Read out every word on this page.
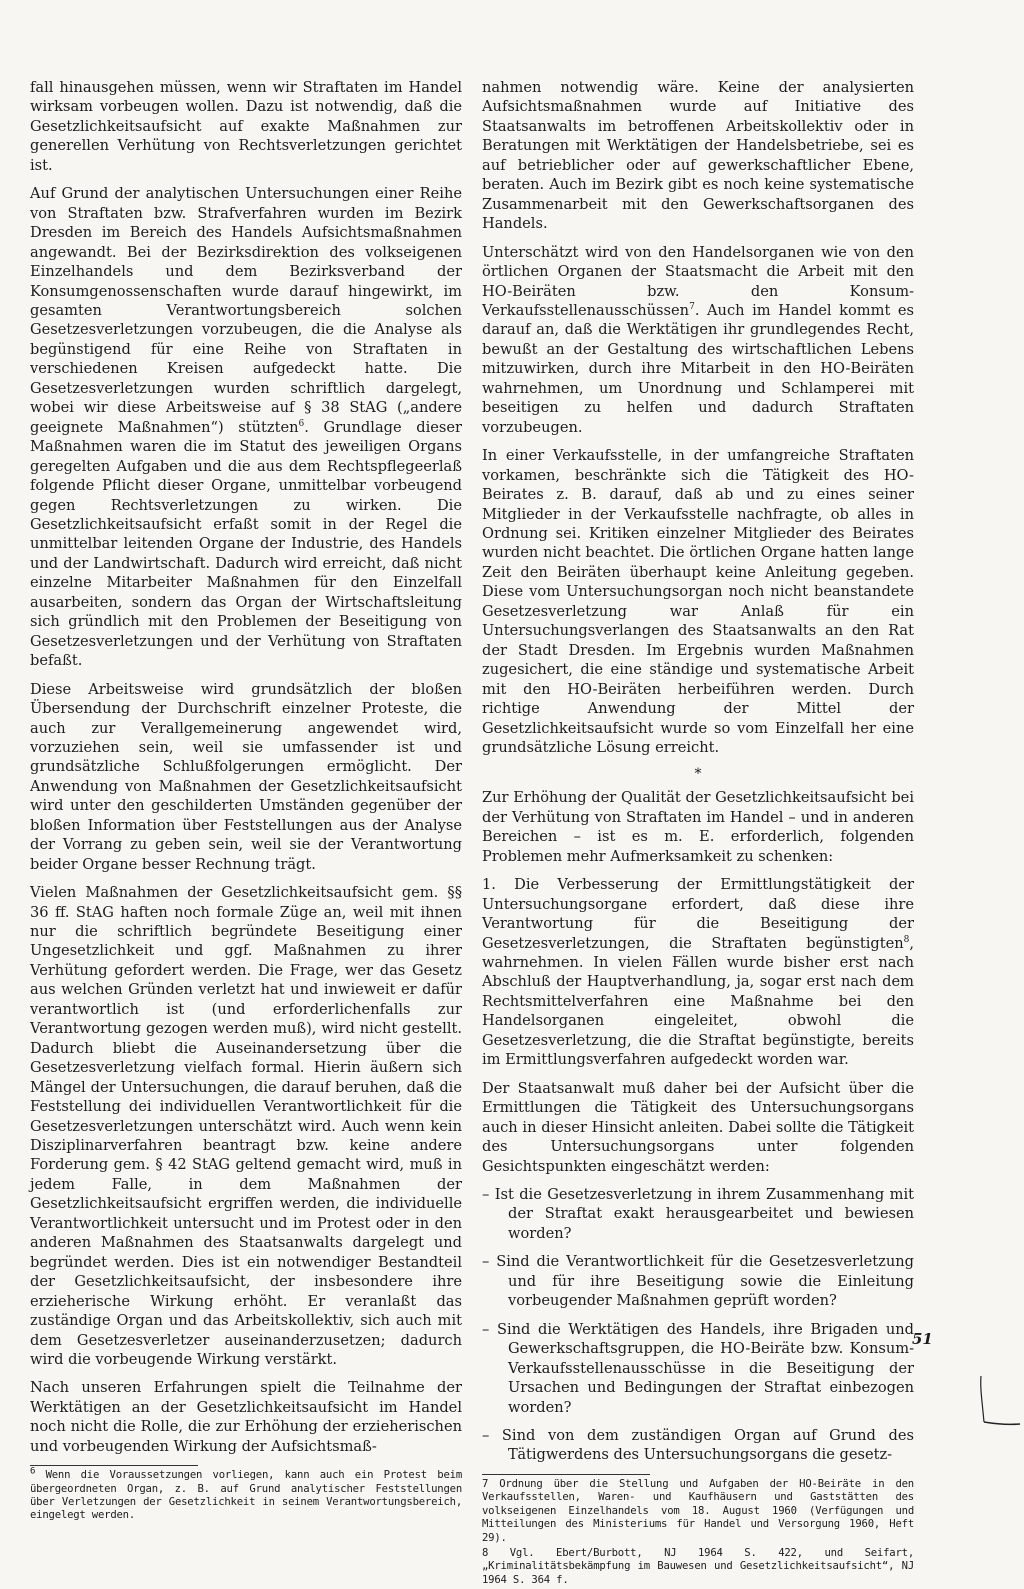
fall hinausgehen müssen, wenn wir Straftaten im Handel wirksam vorbeugen wollen. Dazu ist notwendig, daß die Gesetzlichkeitsaufsicht auf exakte Maßnahmen zur generellen Verhütung von Rechtsverletzungen gerichtet ist.

Auf Grund der analytischen Untersuchungen einer Reihe von Straftaten bzw. Strafverfahren wurden im Bezirk Dresden im Bereich des Handels Aufsichtsmaßnahmen angewandt. Bei der Bezirksdirektion des volkseigenen Einzelhandels und dem Bezirksverband der Konsumgenossenschaften wurde darauf hingewirkt, im gesamten Verantwortungsbereich solchen Gesetzesverletzungen vorzubeugen, die die Analyse als begünstigend für eine Reihe von Straftaten in verschiedenen Kreisen aufgedeckt hatte. Die Gesetzesverletzungen wurden schriftlich dargelegt, wobei wir diese Arbeitsweise auf § 38 StAG („andere geeignete Maßnahmen“) stützten$^6$. Grundlage dieser Maßnahmen waren die im Statut des jeweiligen Organs geregelten Aufgaben und die aus dem Rechtspflegeerlaß folgende Pflicht dieser Organe, unmittelbar vorbeugend gegen Rechtsverletzungen zu wirken. Die Gesetzlichkeitsaufsicht erfaßt somit in der Regel die unmittelbar leitenden Organe der Industrie, des Handels und der Landwirtschaft. Dadurch wird erreicht, daß nicht einzelne Mitarbeiter Maßnahmen für den Einzelfall ausarbeiten, sondern das Organ der Wirtschaftsleitung sich gründlich mit den Problemen der Beseitigung von Gesetzesverletzungen und der Verhütung von Straftaten befaßt.

Diese Arbeitsweise wird grundsätzlich der bloßen Übersendung der Durchschrift einzelner Proteste, die auch zur Verallgemeinerung angewendet wird, vorzuziehen sein, weil sie umfassender ist und grundsätzliche Schlußfolgerungen ermöglicht. Der Anwendung von Maßnahmen der Gesetzlichkeitsaufsicht wird unter den geschilderten Umständen gegenüber der bloßen Information über Feststellungen aus der Analyse der Vorrang zu geben sein, weil sie der Verantwortung beider Organe besser Rechnung trägt.

Vielen Maßnahmen der Gesetzlichkeitsaufsicht gem. §§ 36 ff. StAG haften noch formale Züge an, weil mit ihnen nur die schriftlich begründete Beseitigung einer Ungesetzlichkeit und ggf. Maßnahmen zu ihrer Verhütung gefordert werden. Die Frage, wer das Gesetz aus welchen Gründen verletzt hat und inwieweit er dafür verantwortlich ist (und erforderlichenfalls zur Verantwortung gezogen werden muß), wird nicht gestellt. Dadurch bliebt die Auseinandersetzung über die Gesetzesverletzung vielfach formal. Hierin äußern sich Mängel der Untersuchungen, die darauf beruhen, daß die Feststellung dei individuellen Verantwortlichkeit für die Gesetzesverletzungen unterschätzt wird. Auch wenn kein Disziplinarverfahren beantragt bzw. keine andere Forderung gem. § 42 StAG geltend gemacht wird, muß in jedem Falle, in dem Maßnahmen der Gesetzlichkeitsaufsicht ergriffen werden, die individuelle Verantwortlichkeit untersucht und im Protest oder in den anderen Maßnahmen des Staatsanwalts dargelegt und begründet werden. Dies ist ein notwendiger Bestandteil der Gesetzlichkeitsaufsicht, der insbesondere ihre erzieherische Wirkung erhöht. Er veranlaßt das zuständige Organ und das Arbeitskollektiv, sich auch mit dem Gesetzesverletzer auseinanderzusetzen; dadurch wird die vorbeugende Wirkung verstärkt.

Nach unseren Erfahrungen spielt die Teilnahme der Werktätigen an der Gesetzlichkeitsaufsicht im Handel noch nicht die Rolle, die zur Erhöhung der erzieherischen und vorbeugenden Wirkung der Aufsichtsmaß-

$^6$ Wenn die Voraussetzungen vorliegen, kann auch ein Protest beim übergeordneten Organ, z. B. auf Grund analytischer Feststellungen über Verletzungen der Gesetzlichkeit in seinem Verantwortungsbereich, eingelegt werden.

nahmen notwendig wäre. Keine der analysierten Aufsichtsmaßnahmen wurde auf Initiative des Staatsanwalts im betroffenen Arbeitskollektiv oder in Beratungen mit Werktätigen der Handelsbetriebe, sei es auf betrieblicher oder auf gewerkschaftlicher Ebene, beraten. Auch im Bezirk gibt es noch keine systematische Zusammenarbeit mit den Gewerkschaftsorganen des Handels.

Unterschätzt wird von den Handelsorganen wie von den örtlichen Organen der Staatsmacht die Arbeit mit den HO-Beiräten bzw. den Konsum-Verkaufsstellenausschüssen$^7$. Auch im Handel kommt es darauf an, daß die Werktätigen ihr grundlegendes Recht, bewußt an der Gestaltung des wirtschaftlichen Lebens mitzuwirken, durch ihre Mitarbeit in den HO-Beiräten wahrnehmen, um Unordnung und Schlamperei mit beseitigen zu helfen und dadurch Straftaten vorzubeugen.

In einer Verkaufsstelle, in der umfangreiche Straftaten vorkamen, beschränkte sich die Tätigkeit des HO-Beirates z. B. darauf, daß ab und zu eines seiner Mitglieder in der Verkaufsstelle nachfragte, ob alles in Ordnung sei. Kritiken einzelner Mitglieder des Beirates wurden nicht beachtet. Die örtlichen Organe hatten lange Zeit den Beiräten überhaupt keine Anleitung gegeben. Diese vom Untersuchungsorgan noch nicht beanstandete Gesetzesverletzung war Anlaß für ein Untersuchungsverlangen des Staatsanwalts an den Rat der Stadt Dresden. Im Ergebnis wurden Maßnahmen zugesichert, die eine ständige und systematische Arbeit mit den HO-Beiräten herbeiführen werden. Durch richtige Anwendung der Mittel der Gesetzlichkeitsaufsicht wurde so vom Einzelfall her eine grundsätzliche Lösung erreicht.

*

Zur Erhöhung der Qualität der Gesetzlichkeitsaufsicht bei der Verhütung von Straftaten im Handel – und in anderen Bereichen – ist es m. E. erforderlich, folgenden Problemen mehr Aufmerksamkeit zu schenken:

1. Die Verbesserung der Ermittlungstätigkeit der Untersuchungsorgane erfordert, daß diese ihre Verantwortung für die Beseitigung der Gesetzesverletzungen, die Straftaten begünstigten$^8$, wahrnehmen. In vielen Fällen wurde bisher erst nach Abschluß der Hauptverhandlung, ja, sogar erst nach dem Rechtsmittelverfahren eine Maßnahme bei den Handelsorganen eingeleitet, obwohl die Gesetzesverletzung, die die Straftat begünstigte, bereits im Ermittlungsverfahren aufgedeckt worden war.

Der Staatsanwalt muß daher bei der Aufsicht über die Ermittlungen die Tätigkeit des Untersuchungsorgans auch in dieser Hinsicht anleiten. Dabei sollte die Tätigkeit des Untersuchungsorgans unter folgenden Gesichtspunkten eingeschätzt werden:

– Ist die Gesetzesverletzung in ihrem Zusammenhang mit der Straftat exakt herausgearbeitet und bewiesen worden?

– Sind die Verantwortlichkeit für die Gesetzesverletzung und für ihre Beseitigung sowie die Einleitung vorbeugender Maßnahmen geprüft worden?

– Sind die Werktätigen des Handels, ihre Brigaden und Gewerkschaftsgruppen, die HO-Beiräte bzw. Konsum-Verkaufsstellenausschüsse in die Beseitigung der Ursachen und Bedingungen der Straftat einbezogen worden?

– Sind von dem zuständigen Organ auf Grund des Tätigwerdens des Untersuchungsorgans die gesetz-

7 Ordnung über die Stellung und Aufgaben der HO-Beiräte in den Verkaufsstellen, Waren- und Kaufhäusern und Gaststätten des volkseigenen Einzelhandels vom 18. August 1960 (Verfügungen und Mitteilungen des Ministeriums für Handel und Versorgung 1960, Heft 29).

8 Vgl. Ebert/Burbott, NJ 1964 S. 422, und Seifart, „Kriminalitätsbekämpfung im Bauwesen und Gesetzlichkeitsaufsicht“, NJ 1964 S. 364 f.

51
